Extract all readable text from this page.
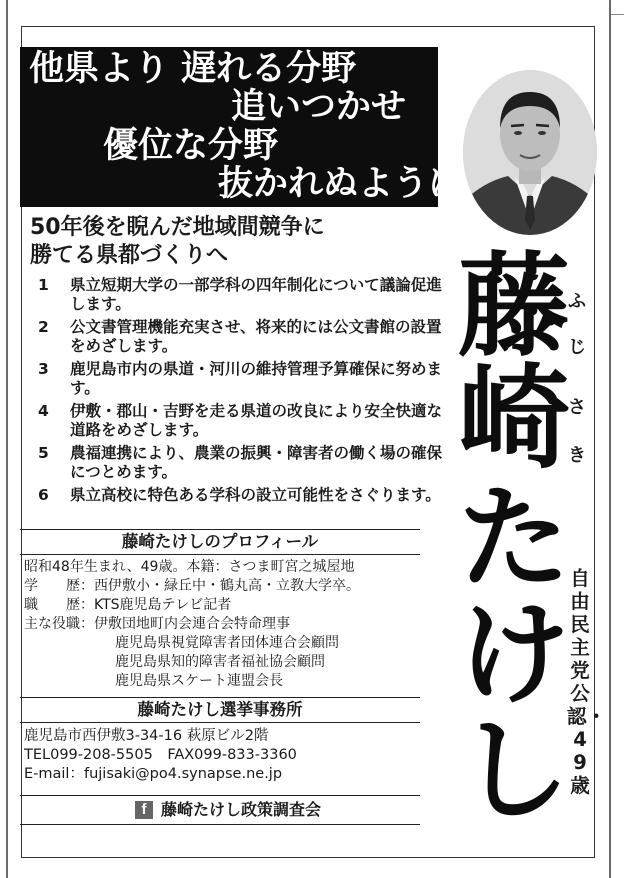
他県より 遅れる分野
追いつかせ
優位な分野
抜かれぬように
50年後を睨んだ地域間競争に
勝てる県都づくりへ
1 県立短期大学の一部学科の四年制化について議論促進します。
2 公文書管理機能充実させ、将来的には公文書館の設置をめざします。
3 鹿児島市内の県道・河川の維持管理予算確保に努めます。
4 伊敷・郡山・吉野を走る県道の改良により安全快適な道路をめざします。
5 農福連携により、農業の振興・障害者の働く場の確保につとめます。
6 県立高校に特色ある学科の設立可能性をさぐります。
藤
崎
た
け
し
ふ
じ
さ
き
自由民主党公認・49歳
藤崎たけしのプロフィール
昭和48年生まれ、49歳。本籍：さつま町宮之城屋地
学　　歴：西伊敷小・緑丘中・鶴丸高・立教大学卒。
職　　歴：KTS鹿児島テレビ記者
主な役職：伊敷団地町内会連合会特命理事
鹿児島県視覚障害者団体連合会顧問
鹿児島県知的障害者福祉協会顧問
鹿児島県スケート連盟会長
藤崎たけし選挙事務所
鹿児島市西伊敷3-34-16 萩原ビル2階
TEL099-208-5505　FAX099-833-3360
E-mail：fujisaki@po4.synapse.ne.jp
f 藤崎たけし政策調査会
